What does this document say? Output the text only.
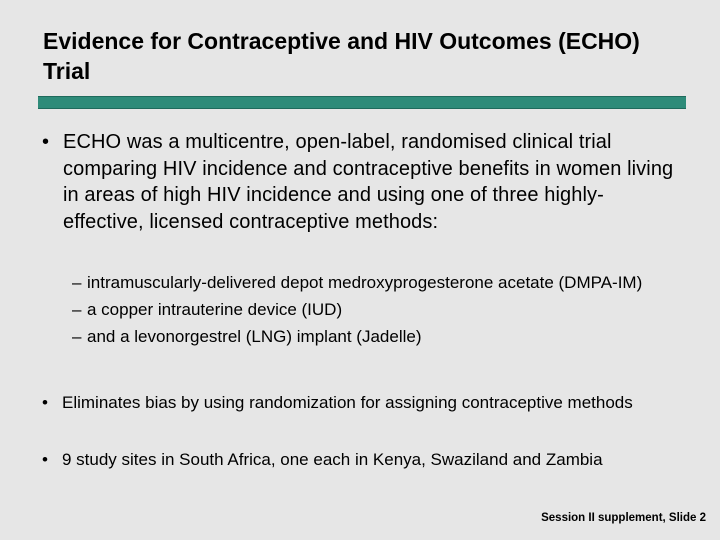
Evidence for Contraceptive and HIV Outcomes (ECHO) Trial
• ECHO was a multicentre, open-label, randomised clinical trial comparing HIV incidence and contraceptive benefits in women living in areas of high HIV incidence and using one of three highly-effective, licensed contraceptive methods:
– intramuscularly-delivered depot medroxyprogesterone acetate (DMPA-IM)
– a copper intrauterine device (IUD)
– and a levonorgestrel (LNG) implant (Jadelle)
• Eliminates bias by using randomization for assigning contraceptive methods
• 9 study sites in South Africa, one each in Kenya, Swaziland and Zambia
Session II supplement, Slide 2
